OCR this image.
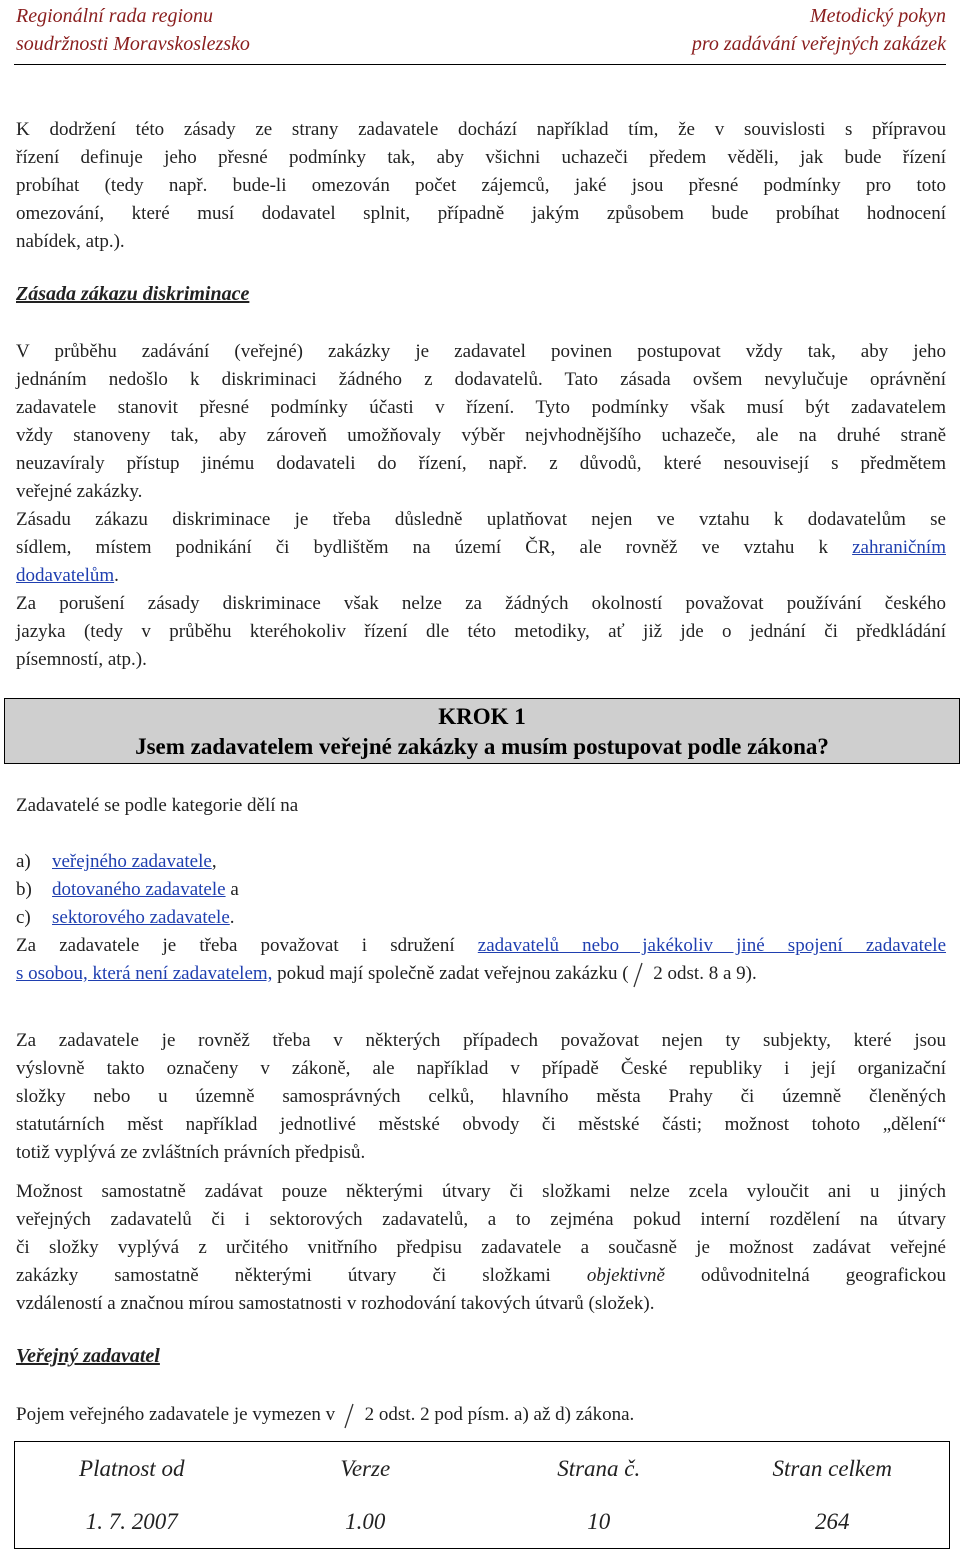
Regionální rada regionu
soudržnosti Moravskoslezsko
Metodický pokyn
pro zadávání veřejných zakázek
K dodržení této zásady ze strany zadavatele dochází například tím, že v souvislosti s přípravou
řízení definuje jeho přesné podmínky tak, aby všichni uchazeči předem věděli, jak bude řízení
probíhat (tedy např. bude-li omezován počet zájemců, jaké jsou přesné podmínky pro toto
omezování, které musí dodavatel splnit, případně jakým způsobem bude probíhat hodnocení
nabídek, atp.).
Zásada zákazu diskriminace
V průběhu zadávání (veřejné) zakázky je zadavatel povinen postupovat vždy tak, aby jeho
jednáním nedošlo k diskriminaci žádného z dodavatelů. Tato zásada ovšem nevylučuje oprávnění
zadavatele stanovit přesné podmínky účasti v řízení. Tyto podmínky však musí být zadavatelem
vždy stanoveny tak, aby zároveň umožňovaly výběr nejvhodnějšího uchazeče, ale na druhé straně
neuzavíraly přístup jinému dodavateli do řízení, např. z důvodů, které nesouvisejí s předmětem
veřejné zakázky.
Zásadu zákazu diskriminace je třeba důsledně uplatňovat nejen ve vztahu k dodavatelům se
sídlem, místem podnikání či bydlištěm na území ČR, ale rovněž ve vztahu k zahraničním
dodavatelům.
Za porušení zásady diskriminace však nelze za žádných okolností považovat používání českého
jazyka (tedy v průběhu kteréhokoliv řízení dle této metodiky, ať již jde o jednání či předkládání
písemností, atp.).
KROK 1
Jsem zadavatelem veřejné zakázky a musím postupovat podle zákona?
Zadavatelé se podle kategorie dělí na
a) veřejného zadavatele,
b) dotovaného zadavatele a
c) sektorového zadavatele.
Za zadavatele je třeba považovat i sdružení zadavatelů nebo jakékoliv jiné spojení zadavatele
s osobou, která není zadavatelem, pokud mají společně zadat veřejnou zakázku (
2 odst. 8 a 9).
Za zadavatele je rovněž třeba v některých případech považovat nejen ty subjekty, které jsou
výslovně takto označeny v zákoně, ale například v případě České republiky i její organizační
složky nebo u územně samosprávných celků, hlavního města Prahy či územně členěných
statutárních měst například jednotlivé městské obvody či městské části; možnost tohoto „dělení“
totiž vyplývá ze zvláštních právních předpisů.
Možnost samostatně zadávat pouze některými útvary či složkami nelze zcela vyloučit ani u jiných
veřejných zadavatelů či i sektorových zadavatelů, a to zejména pokud interní rozdělení na útvary
či složky vyplývá z určitého vnitřního předpisu zadavatele a současně je možnost zadávat veřejné
zakázky samostatně některými útvary či složkami objektivně odůvodnitelná geografickou
vzdáleností a značnou mírou samostatnosti v rozhodování takových útvarů (složek).
Veřejný zadavatel
Pojem veřejného zadavatele je vymezen v
2 odst. 2 pod písm. a) až d) zákona.
Platnost od	Verze	Strana č.	Stran celkem
1. 7. 2007	1.00	10	264
